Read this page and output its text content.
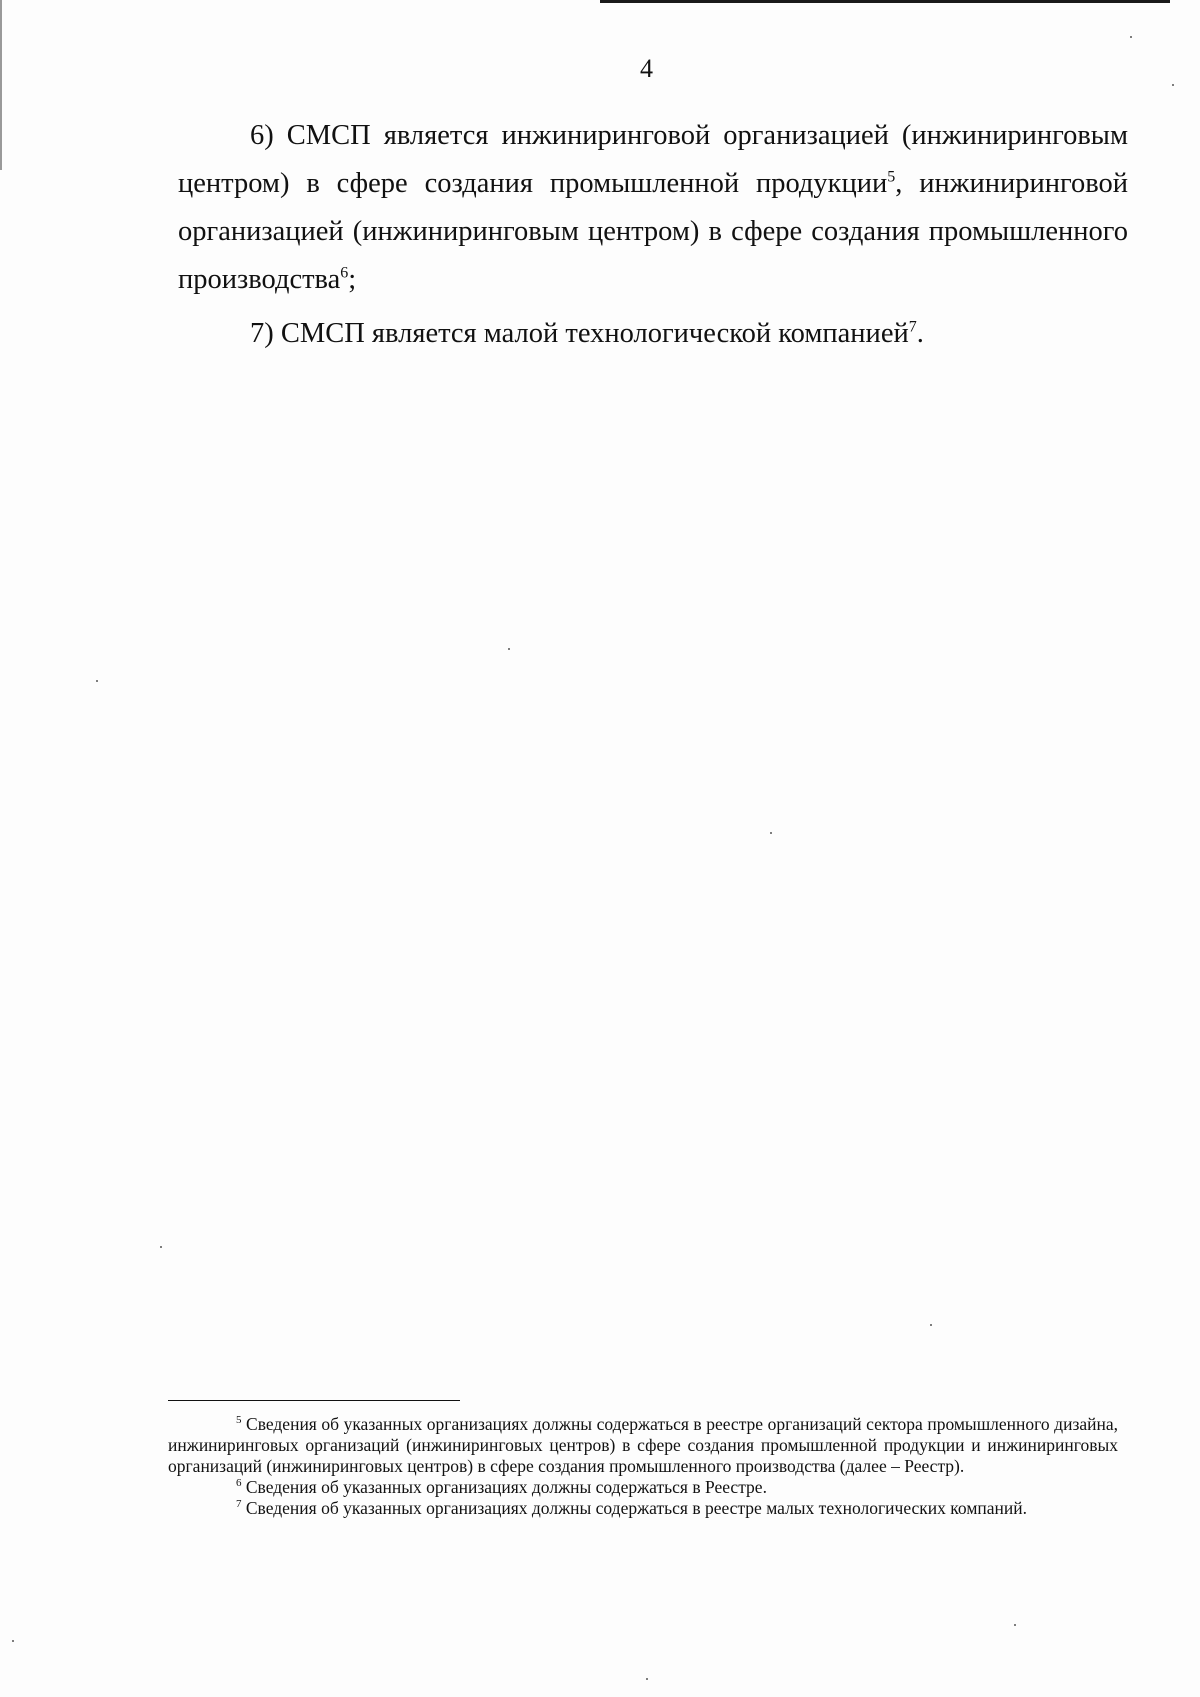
4

6) СМСП является инжиниринговой организацией (инжиниринговым центром) в сфере создания промышленной продукции$^5$, инжиниринговой организацией (инжиниринговым центром) в сфере создания промышленного производства$^6$;

7) СМСП является малой технологической компанией$^7$.

$^5$ Сведения об указанных организациях должны содержаться в реестре организаций сектора промышленного дизайна, инжиниринговых организаций (инжиниринговых центров) в сфере создания промышленной продукции и инжиниринговых организаций (инжиниринговых центров) в сфере создания промышленного производства (далее – Реестр).

$^6$ Сведения об указанных организациях должны содержаться в Реестре.

$^7$ Сведения об указанных организациях должны содержаться в реестре малых технологических компаний.
